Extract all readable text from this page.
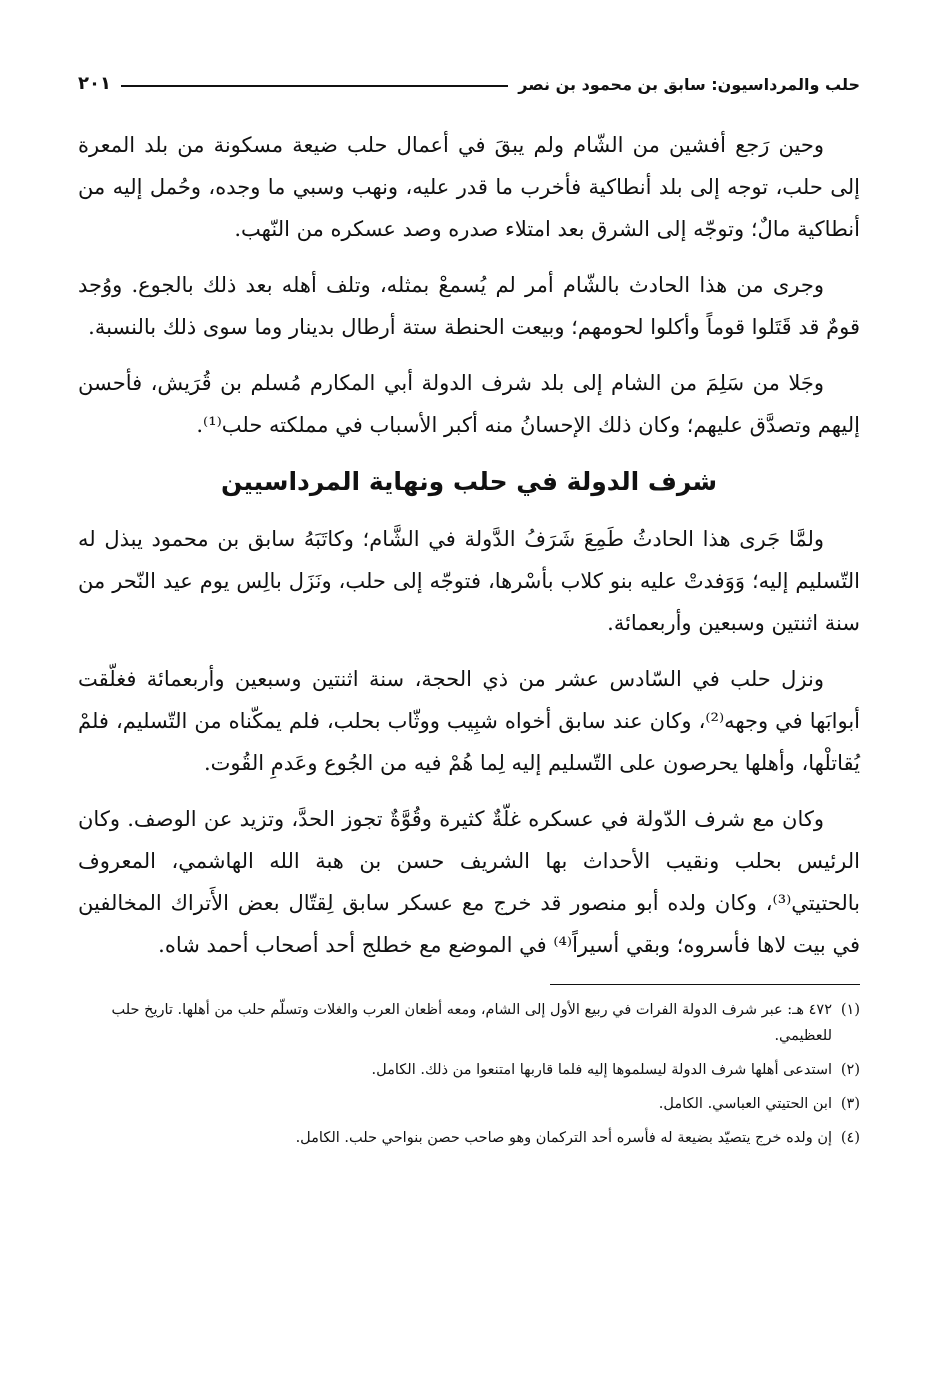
حلب والمرداسيون: سابق بن محمود بن نصر
٢٠١

وحين رَجع أفشين من الشّام ولم يبقَ في أعمال حلب ضيعة مسكونة من بلد المعرة إلى حلب، توجه إلى بلد أنطاكية فأخرب ما قدر عليه، ونهب وسبي ما وجده، وحُمل إليه من أنطاكية مالٌ؛ وتوجّه إلى الشرق بعد امتلاء صدره وصد عسكره من النّهب.

وجرى من هذا الحادث بالشّام أمر لم يُسمعْ بمثله، وتلف أهله بعد ذلك بالجوع. ووُجد قومٌ قد قَتَلوا قوماً وأكلوا لحومهم؛ وبيعت الحنطة ستة أرطال بدينار وما سوى ذلك بالنسبة.

وجَلا من سَلِمَ من الشام إلى بلد شرف الدولة أبي المكارم مُسلم بن قُرَيش، فأحسن إليهم وتصدَّق عليهم؛ وكان ذلك الإحسانُ منه أكبر الأسباب في مملكته حلب⁽¹⁾.

شرف الدولة في حلب ونهاية المرداسيين

ولمَّا جَرى هذا الحادثُ طَمِعَ شَرَفُ الدَّولة في الشَّام؛ وكاتَبَهُ سابق بن محمود يبذل له التّسليم إليه؛ وَوَفدتْ عليه بنو كلاب بأسْرها، فتوجّه إلى حلب، ونَزَل بالِس يوم عيد النّحر من سنة اثنتين وسبعين وأربعمائة.

ونزل حلب في السّادس عشر من ذي الحجة، سنة اثنتين وسبعين وأربعمائة فغلّقت أبوابَها في وجهه⁽²⁾، وكان عند سابق أخواه شبِيب ووثّاب بحلب، فلم يمكّناه من التّسليم، فلمْ يُقاتلْها، وأهلها يحرصون على التّسليم إليه لِما هُمْ فيه من الجُوع وعَدمِ القُوت.

وكان مع شرف الدّولة في عسكره غلّةٌ كثيرة وقُوَّةٌ تجوز الحدَّ، وتزيد عن الوصف. وكان الرئيس بحلب ونقيب الأحداث بها الشريف حسن بن هبة الله الهاشمي، المعروف بالحتيتي⁽³⁾، وكان ولده أبو منصور قد خرج مع عسكر سابق لِقتّال بعض الأَتراك المخالفين في بيت لاها فأسروه؛ وبقي أسيراً⁽⁴⁾ في الموضع مع خطلج أحد أصحاب أحمد شاه.

(١)
٤٧٢ هـ: عبر شرف الدولة الفرات في ربيع الأول إلى الشام، ومعه أظعان العرب والغلات وتسلّم حلب من أهلها. تاريخ حلب للعظيمي.
(٢)
استدعى أهلها شرف الدولة ليسلموها إليه فلما قاربها امتنعوا من ذلك. الكامل.
(٣)
ابن الحتيتي العباسي. الكامل.
(٤)
إن ولده خرج يتصيّد بضيعة له فأسره أحد التركمان وهو صاحب حصن بنواحي حلب. الكامل.
